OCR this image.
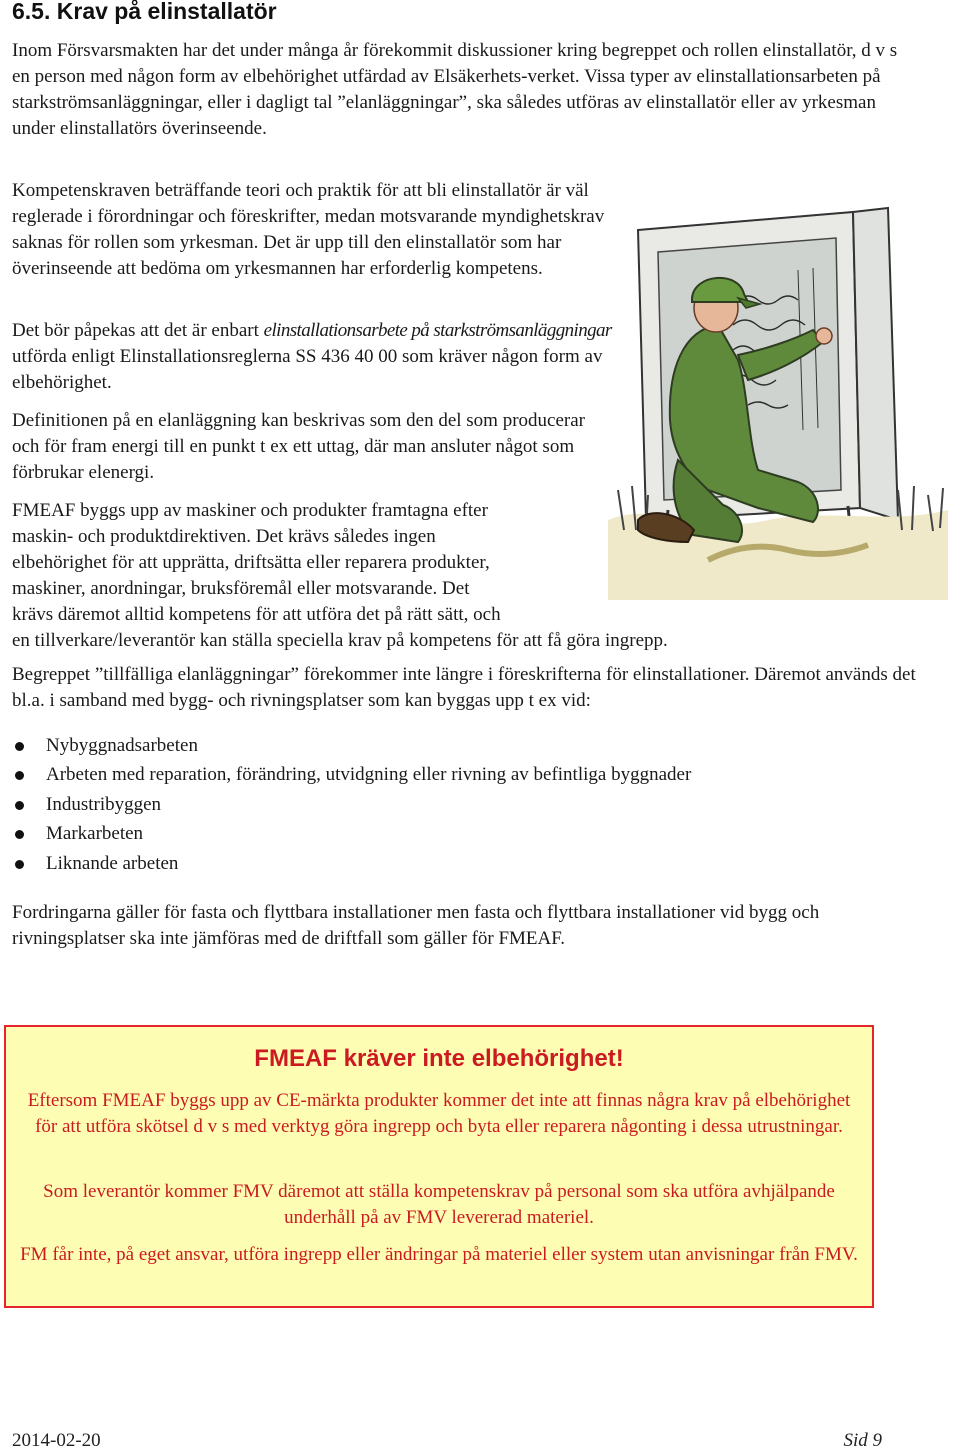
6.5. Krav på elinstallatör

Inom Försvarsmakten har det under många år förekommit diskussioner kring begreppet och rollen elinstallatör, d v s en person med någon form av elbehörighet utfärdad av Elsäkerhets-verket. Vissa typer av elinstallationsarbeten på starkströmsanläggningar, eller i dagligt tal ”elanläggningar”, ska således utföras av elinstallatör eller av yrkesman under elinstallatörs överinseende.

Kompetenskraven beträffande teori och praktik för att bli elinstallatör är väl reglerade i förordningar och föreskrifter, medan motsvarande myndighetskrav saknas för rollen som yrkesman. Det är upp till den elinstallatör som har överinseende att bedöma om yrkesmannen har erforderlig kompetens.

Det bör påpekas att det är enbart elinstallationsarbete på starkströmsanläggningar utförda enligt Elinstallationsreglerna SS 436 40 00 som kräver någon form av elbehörighet.

Definitionen på en elanläggning kan beskrivas som den del som producerar och för fram energi till en punkt t ex ett uttag, där man ansluter något som förbrukar elenergi.

FMEAF byggs upp av maskiner och produkter framtagna efter
maskin- och produktdirektiven. Det krävs således ingen
elbehörighet för att upprätta, driftsätta eller reparera produkter,
maskiner, anordningar, bruksföremål eller motsvarande. Det
krävs däremot alltid kompetens för att utföra det på rätt sätt, och
en tillverkare/leverantör kan ställa speciella krav på kompetens för att få göra ingrepp.

Begreppet ”tillfälliga elanläggningar” förekommer inte längre i föreskrifterna för elinstallationer. Däremot används det bl.a. i samband med bygg- och rivningsplatser som kan byggas upp t ex vid:

Nybyggnadsarbeten
Arbeten med reparation, förändring, utvidgning eller rivning av befintliga byggnader
Industribyggen
Markarbeten
Liknande arbeten

Fordringarna gäller för fasta och flyttbara installationer men fasta och flyttbara installationer vid bygg och rivningsplatser ska inte jämföras med de driftfall som gäller för FMEAF.

FMEAF kräver inte elbehörighet!

Eftersom FMEAF byggs upp av CE-märkta produkter kommer det inte att finnas några krav på elbehörighet för att utföra skötsel d v s med verktyg göra ingrepp och byta eller reparera någonting i dessa utrustningar.

Som leverantör kommer FMV däremot att ställa kompetenskrav på personal som ska utföra avhjälpande underhåll på av FMV levererad materiel.

FM får inte, på eget ansvar, utföra ingrepp eller ändringar på materiel eller system utan anvisningar från FMV.

2014-02-20	Sid 9
